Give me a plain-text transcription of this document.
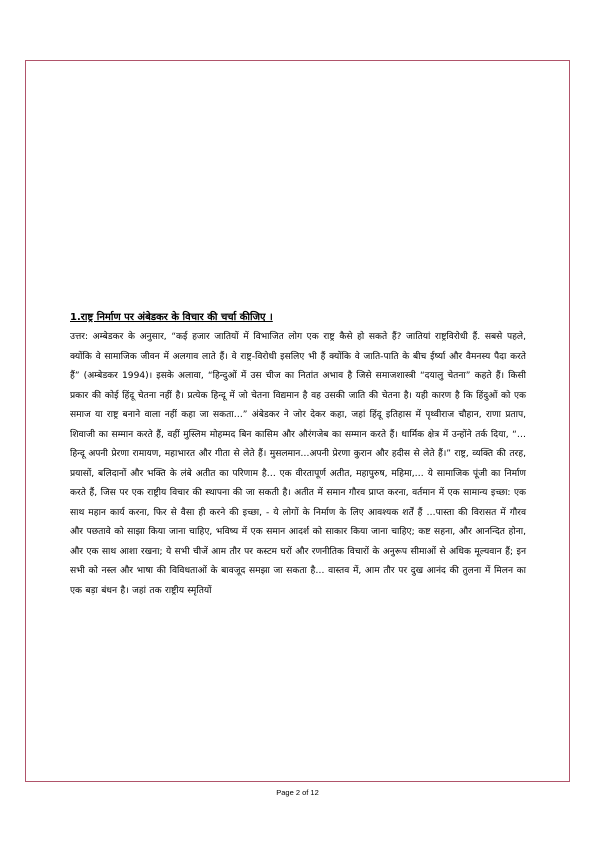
1.राष्ट्र निर्माण पर अंबेडकर के विचार की चर्चा कीजिए ।

उत्तर: अम्बेडकर के अनुसार, “कई हजार जातियों में विभाजित लोग एक राष्ट्र कैसे हो सकते हैं? जातियां राष्ट्रविरोधी हैं. सबसे पहले, क्योंकि वे सामाजिक जीवन में अलगाव लाते हैं। वे राष्ट्र-विरोधी इसलिए भी हैं क्योंकि वे जाति-पाति के बीच ईर्ष्या और वैमनस्य पैदा करते हैं” (अम्बेडकर 1994)। इसके अलावा, “हिन्दुओं में उस चीज का नितांत अभाव है जिसे समाजशास्त्री “दयालु चेतना” कहते हैं। किसी प्रकार की कोई हिंदू चेतना नहीं है। प्रत्येक हिन्दू में जो चेतना विद्यमान है वह उसकी जाति की चेतना है। यही कारण है कि हिंदुओं को एक समाज या राष्ट्र बनाने वाला नहीं कहा जा सकता…” अंबेडकर ने जोर देकर कहा, जहां हिंदू इतिहास में पृथ्वीराज चौहान, राणा प्रताप, शिवाजी का सम्मान करते हैं, वहीं मुस्लिम मोहम्मद बिन कासिम और औरंगजेब का सम्मान करते हैं। धार्मिक क्षेत्र में उन्होंने तर्क दिया, “…हिन्दू अपनी प्रेरणा रामायण, महाभारत और गीता से लेते हैं। मुसलमान…अपनी प्रेरणा कुरान और हदीस से लेते हैं।” राष्ट्र, व्यक्ति की तरह, प्रयासों, बलिदानों और भक्ति के लंबे अतीत का परिणाम है… एक वीरतापूर्ण अतीत, महापुरुष, महिमा,… ये सामाजिक पूंजी का निर्माण करते हैं, जिस पर एक राष्ट्रीय विचार की स्थापना की जा सकती है। अतीत में समान गौरव प्राप्त करना, वर्तमान में एक सामान्य इच्छा: एक साथ महान कार्य करना, फिर से वैसा ही करने की इच्छा, - ये लोगों के निर्माण के लिए आवश्यक शर्तें हैं …पास्ता की विरासत में गौरव और पछतावे को साझा किया जाना चाहिए, भविष्य में एक समान आदर्श को साकार किया जाना चाहिए; कष्ट सहना, और आनन्दित होना, और एक साथ आशा रखना; ये सभी चीजें आम तौर पर कस्टम घरों और रणनीतिक विचारों के अनुरूप सीमाओं से अधिक मूल्यवान हैं; इन सभी को नस्ल और भाषा की विविधताओं के बावजूद समझा जा सकता है… वास्तव में, आम तौर पर दुख आनंद की तुलना में मिलन का एक बड़ा बंधन है। जहां तक राष्ट्रीय स्मृतियों

Page 2 of 12
